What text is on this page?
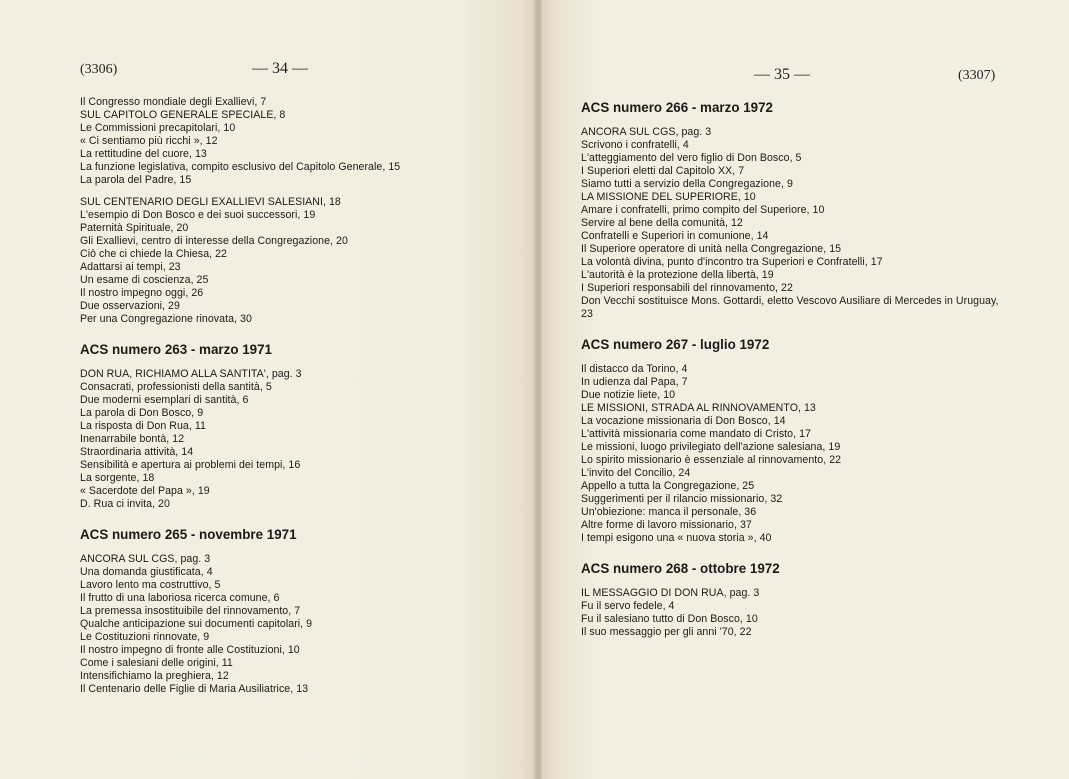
(3306)	— 34 —
Il Congresso mondiale degli Exallievi, 7
SUL CAPITOLO GENERALE SPECIALE, 8
Le Commissioni precapitolari, 10
« Ci sentiamo più ricchi », 12
La rettitudine del cuore, 13
La funzione legislativa, compito esclusivo del Capitolo Generale, 15
La parola del Padre, 15
SUL CENTENARIO DEGLI EXALLIEVI SALESIANI, 18
L'esempio di Don Bosco e dei suoi successori, 19
Paternità Spirituale, 20
Gli Exallievi, centro di interesse della Congregazione, 20
Ciò che ci chiede la Chiesa, 22
Adattarsi ai tempi, 23
Un esame di coscienza, 25
Il nostro impegno oggi, 26
Due osservazioni, 29
Per una Congregazione rinovata, 30
ACS numero 263 - marzo 1971
DON RUA, RICHIAMO ALLA SANTITA', pag. 3
Consacrati, professionisti della santità, 5
Due moderni esemplari di santità, 6
La parola di Don Bosco, 9
La risposta di Don Rua, 11
Inenarrabile bontà, 12
Straordinaria attività, 14
Sensibilità e apertura ai problemi dei tempi, 16
La sorgente, 18
« Sacerdote del Papa », 19
D. Rua ci invita, 20
ACS numero 265 - novembre 1971
ANCORA SUL CGS, pag. 3
Una domanda giustificata, 4
Lavoro lento ma costruttivo, 5
Il frutto di una laboriosa ricerca comune, 6
La premessa insostituibile del rinnovamento, 7
Qualche anticipazione sui documenti capitolari, 9
Le Costituzioni rinnovate, 9
Il nostro impegno di fronte alle Costituzioni, 10
Come i salesiani delle origini, 11
Intensifichiamo la preghiera, 12
Il Centenario delle Figlie di Maria Ausiliatrice, 13
— 35 —	(3307)
ACS numero 266 - marzo 1972
ANCORA SUL CGS, pag. 3
Scrivono i confratelli, 4
L'atteggiamento del vero figlio di Don Bosco, 5
I Superiori eletti dal Capitolo XX, 7
Siamo tutti a servizio della Congregazione, 9
LA MISSIONE DEL SUPERIORE, 10
Amare i confratelli, primo compito del Superiore, 10
Servire al bene della comunità, 12
Confratelli e Superiori in comunione, 14
Il Superiore operatore di unità nella Congregazione, 15
La volontà divina, punto d'incontro tra Superiori e Confratelli, 17
L'autorità è la protezione della libertà, 19
I Superiori responsabili del rinnovamento, 22
Don Vecchi sostituisce Mons. Gottardi, eletto Vescovo Ausiliare di Mercedes in Uruguay, 23
ACS numero 267 - luglio 1972
Il distacco da Torino, 4
In udienza dal Papa, 7
Due notizie liete, 10
LE MISSIONI, STRADA AL RINNOVAMENTO, 13
La vocazione missionaria di Don Bosco, 14
L'attività missionaria come mandato di Cristo, 17
Le missioni, luogo privilegiato dell'azione salesiana, 19
Lo spirito missionario è essenziale al rinnovamento, 22
L'invito del Concilio, 24
Appello a tutta la Congregazione, 25
Suggerimenti per il rilancio missionario, 32
Un'obiezione: manca il personale, 36
Altre forme di lavoro missionario, 37
I tempi esigono una « nuova storia », 40
ACS numero 268 - ottobre 1972
IL MESSAGGIO DI DON RUA, pag. 3
Fu il servo fedele, 4
Fu il salesiano tutto di Don Bosco, 10
Il suo messaggio per gli anni '70, 22
